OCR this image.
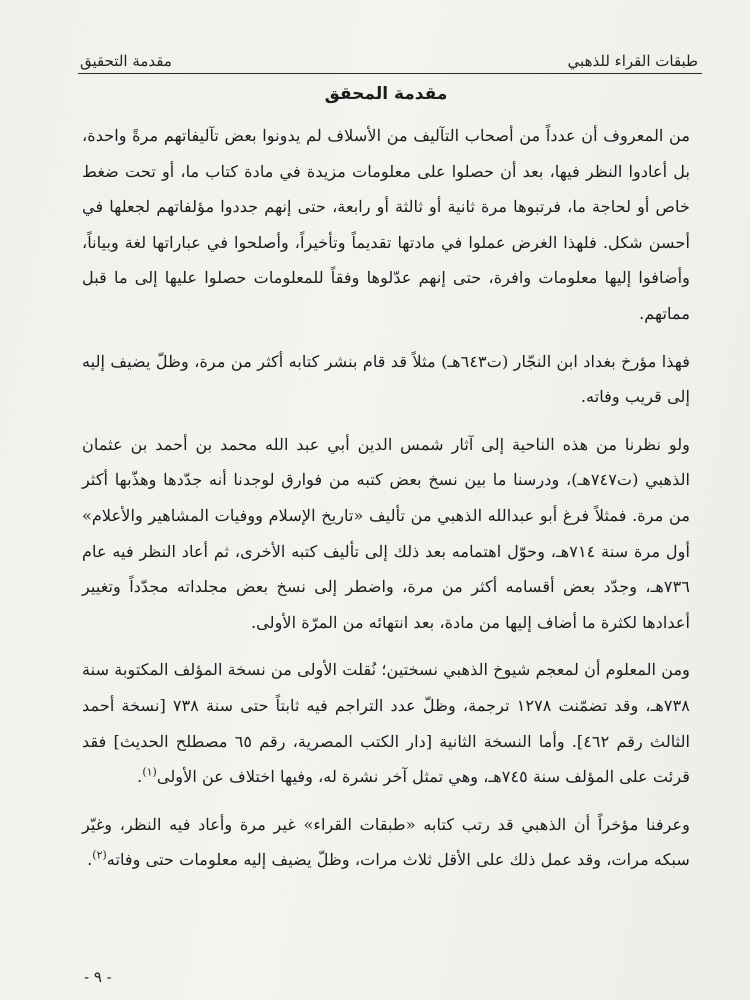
طبقات القراء للذهبي
مقدمة التحقيق
مقدمة المحقق

من المعروف أن عدداً من أصحاب التآليف من الأسلاف لم يدونوا بعض تآليفاتهم مرةً واحدة، بل أعادوا النظر فيها، بعد أن حصلوا على معلومات مزيدة في مادة كتاب ما، أو تحت ضغط خاص أو لحاجة ما، فرتبوها مرة ثانية أو ثالثة أو رابعة، حتى إنهم جددوا مؤلفاتهم لجعلها في أحسن شكل. فلهذا الغرض عملوا في مادتها تقديماً وتأخيراً، وأصلحوا في عباراتها لغة وبياناً، وأضافوا إليها معلومات وافرة، حتى إنهم عدّلوها وفقاً للمعلومات حصلوا عليها إلى ما قبل مماتهم.

فهذا مؤرخ بغداد ابن النجّار (ت٦٤٣هـ) مثلاً قد قام بنشر كتابه أكثر من مرة، وظلّ يضيف إليه إلى قريب وفاته.

ولو نظرنا من هذه الناحية إلى آثار شمس الدين أبي عبد الله محمد بن أحمد بن عثمان الذهبي (ت٧٤٧هـ)، ودرسنا ما بين نسخ بعض كتبه من فوارق لوجدنا أنه جدّدها وهذّبها أكثر من مرة. فمثلاً فرغ أبو عبدالله الذهبي من تأليف «تاريخ الإسلام ووفيات المشاهير والأعلام» أول مرة سنة ٧١٤هـ، وحوّل اهتمامه بعد ذلك إلى تأليف كتبه الأخرى، ثم أعاد النظر فيه عام ٧٣٦هـ، وجدّد بعض أقسامه أكثر من مرة، واضطر إلى نسخ بعض مجلداته مجدّداً وتغيير أعدادها لكثرة ما أضاف إليها من مادة، بعد انتهائه من المرّة الأولى.

ومن المعلوم أن لمعجم شيوخ الذهبي نسختين؛ نُقلت الأولى من نسخة المؤلف المكتوبة سنة ٧٣٨هـ، وقد تضمّنت ١٢٧٨ ترجمة، وظلّ عدد التراجم فيه ثابتاً حتى سنة ٧٣٨ [نسخة أحمد الثالث رقم ٤٦٢]. وأما النسخة الثانية [دار الكتب المصرية، رقم ٦٥ مصطلح الحديث] فقد قرئت على المؤلف سنة ٧٤٥هـ، وهي تمثل آخر نشرة له، وفيها اختلاف عن الأولى$^{(١)}$.

وعرفنا مؤخراً أن الذهبي قد رتب كتابه «طبقات القراء» غير مرة وأعاد فيه النظر، وغيّر سبكه مرات، وقد عمل ذلك على الأقل ثلاث مرات، وظلّ يضيف إليه معلومات حتى وفاته$^{(٢)}$.

- ٩ -
